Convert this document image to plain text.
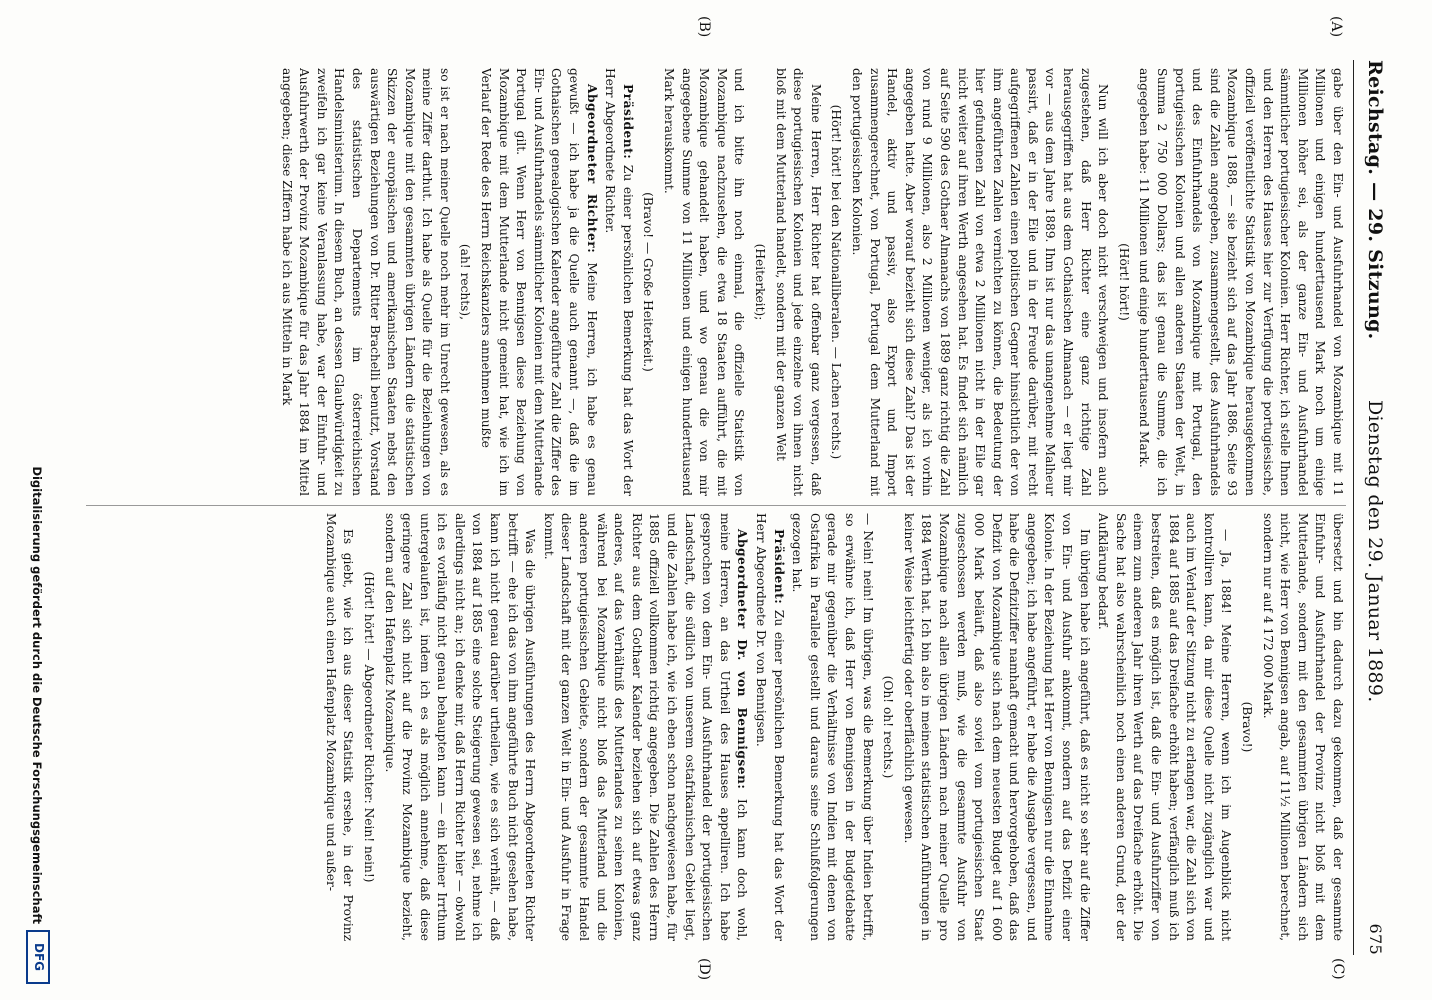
Reichstag. — 29. Sitzung.
Dienstag den 29. Januar 1889.
675
(A)
(B)
(C)
(D)

gabe über den Ein- und Ausfuhrhandel von Mozambique mit 11 Millionen und einigen hunderttausend Mark noch um einige Millionen höher sei, als der ganze Ein- und Ausfuhrhandel sämmtlicher portugiesischer Kolonien. Herr Richter, ich stelle Ihnen und den Herren des Hauses hier zur Verfügung die portugiesische, offiziell veröffentlichte Statistik von Mozambique herausgekommen Mozambique 1888, — sie bezieht sich auf das Jahr 1886. Seite 93 sind die Zahlen angegeben, zusammengestellt, des Ausfuhrhandels und des Einfuhrhandels von Mozambique mit Portugal, den portugiesischen Kolonien und allen anderen Staaten der Welt, in Summa 2 750 000 Dollars; das ist genau die Summe, die ich angegeben habe: 11 Millionen und einige hunderttausend Mark.

(Hört! hört!)

Nun will ich aber doch nicht verschweigen und insofern auch zugestehen, daß Herr Richter eine ganz richtige Zahl herausgegriffen hat aus dem Gothaischen Almanach — er liegt mir vor — aus dem Jahre 1889. Ihm ist nur das unangenehme Malheur passirt, daß er in der Eile und in der Freude darüber, mit recht aufgegriffenen Zahlen einen politischen Gegner hinsichtlich der von ihm angeführten Zahlen vernichten zu können, die Bedeutung der hier gefundenen Zahl von etwa 2 Millionen nicht in der Eile gar nicht weiter auf ihren Werth angesehen hat. Es findet sich nämlich auf Seite 590 des Gothaer Almanachs von 1889 ganz richtig die Zahl von rund 9 Millionen, also 2 Millionen weniger, als ich vorhin angegeben hatte. Aber worauf bezieht sich diese Zahl? Das ist der Handel, aktiv und passiv, also Export und Import zusammengerechnet, von Portugal, Portugal dem Mutterland mit den portugiesischen Kolonien.

(Hört! hört! bei den Nationalliberalen. — Lachen rechts.)

Meine Herren, Herr Richter hat offenbar ganz vergessen, daß diese portugiesischen Kolonien und jede einzelne von ihnen nicht bloß mit dem Mutterland handelt, sondern mit der ganzen Welt

(Heiterkeit);

und ich bitte ihn noch einmal, die offizielle Statistik von Mozambique nachzusehen, die etwa 18 Staaten aufführt, die mit Mozambique gehandelt haben, und wo genau die von mir angegebene Summe von 11 Millionen und einigen hunderttausend Mark herauskommt.

(Bravo! — Große Heiterkeit.)

Präsident: Zu einer persönlichen Bemerkung hat das Wort der Herr Abgeordnete Richter.

Abgeordneter Richter: Meine Herren, ich habe es genau gewußt — ich habe ja die Quelle auch genannt —, daß die im Gothaischen genealogischen Kalender angeführte Zahl die Ziffer des Ein- und Ausfuhrhandels sämmtlicher Kolonien mit dem Mutterlande Portugal gilt. Wenn Herr von Bennigsen diese Beziehung von Mozambique mit dem Mutterlande nicht gemeint hat, wie ich im Verlauf der Rede des Herrn Reichskanzlers annehmen mußte

(ah! rechts),

so ist er nach meiner Quelle noch mehr im Unrecht gewesen, als es meine Ziffer darthut. Ich habe als Quelle für die Beziehungen von Mozambique mit den gesammten übrigen Ländern die statistischen Skizzen der europäischen und amerikanischen Staaten nebst den auswärtigen Beziehungen von Dr. Ritter Brachelli benutzt, Vorstand des statistischen Departements im österreichischen Handelsministerium. In diesem Buch, an dessen Glaubwürdigkeit zu zweifeln ich gar keine Veranlassung habe, war der Einfuhr- und Ausfuhrwerth der Provinz Mozambique für das Jahr 1884 im Mittel angegeben; diese Ziffern habe ich aus Mitteln in Mark

übersetzt und bin dadurch dazu gekommen, daß der gesammte Einfuhr- und Ausfuhrhandel der Provinz nicht bloß mit dem Mutterlande, sondern mit den gesammten übrigen Ländern sich nicht, wie Herr von Bennigsen angab, auf 11½ Millionen berechnet, sondern nur auf 4 172 000 Mark.

(Bravo!)

— Ja, 1884! Meine Herren, wenn ich im Augenblick nicht kontrolliren kann, da mir diese Quelle nicht zugänglich war und auch im Verlauf der Sitzung nicht zu erlangen war, die Zahl sich von 1884 auf 1885 auf das Dreifache erhöht haben; verfänglich muß ich bestreiten, daß es möglich ist, daß die Ein- und Ausfuhrziffer von einem zum anderen Jahr ihren Werth auf das Dreifache erhöht. Die Sache hat also wahrscheinlich noch einen anderen Grund, der der Aufklärung bedarf.

Im übrigen habe ich angeführt, daß es nicht so sehr auf die Ziffer von Ein- und Ausfuhr ankommt, sondern auf das Defizit einer Kolonie. In der Beziehung hat Herr von Bennigsen nur die Einnahme angegeben; ich habe angeführt, er habe die Ausgabe vergessen, und habe die Defizitziffer namhaft gemacht und hervorgehoben, daß das Defizit von Mozambique sich nach dem neuesten Budget auf 1 600 000 Mark beläuft, daß also soviel vom portugiesischen Staat zugeschossen werden muß, wie die gesammte Ausfuhr von Mozambique nach allen übrigen Ländern nach meiner Quelle pro 1884 Werth hat. Ich bin also in meinen statistischen Anführungen in keiner Weise leichtfertig oder oberflächlich gewesen.

(Oh! oh! rechts.)

— Nein! nein! Im übrigen, was die Bemerkung über Indien betrifft, so erwähne ich, daß Herr von Bennigsen in der Budgetdebatte gerade mir gegenüber die Verhältnisse von Indien mit denen von Ostafrika in Parallele gestellt und daraus seine Schlußfolgerungen gezogen hat.

Präsident: Zu einer persönlichen Bemerkung hat das Wort der Herr Abgeordnete Dr. von Bennigsen.

Abgeordneter Dr. von Bennigsen: Ich kann doch wohl, meine Herren, an das Urtheil des Hauses appelliren. Ich habe gesprochen von dem Ein- und Ausfuhrhandel der portugiesischen Landschaft, die südlich von unserem ostafrikanischen Gebiet liegt, und die Zahlen habe ich, wie ich eben schon nachgewiesen habe, für 1885 offiziell vollkommen richtig angegeben. Die Zahlen des Herrn Richter aus dem Gothaer Kalender beziehen sich auf etwas ganz anderes, auf das Verhältniß des Mutterlandes zu seinen Kolonien, während bei Mozambique nicht bloß das Mutterland und die anderen portugiesischen Gebiete, sondern der gesammte Handel dieser Landschaft mit der ganzen Welt in Ein- und Ausfuhr in Frage kommt.

Was die übrigen Ausführungen des Herrn Abgeordneten Richter betrifft — ehe ich das von ihm angeführte Buch nicht gesehen habe, kann ich nicht genau darüber urtheilen, wie es sich verhält, — daß von 1884 auf 1885 eine solche Steigerung gewesen sei, nehme ich allerdings nicht an; ich denke mir, daß Herrn Richter hier — obwohl ich es vorläufig nicht genau behaupten kann — ein kleiner Irrthum untergelaufen ist, indem ich es als möglich annehme, daß diese geringere Zahl sich nicht auf die Provinz Mozambique bezieht, sondern auf den Hafenplatz Mozambique.

(Hört! hört! — Abgeordneter Richter: Nein! nein!)

Es giebt, wie ich aus dieser Statistik ersehe, in der Provinz Mozambique auch einen Hafenplatz Mozambique und außer-

Digitalisierung gefördert durch die Deutsche Forschungsgemeinschaft
DFG
